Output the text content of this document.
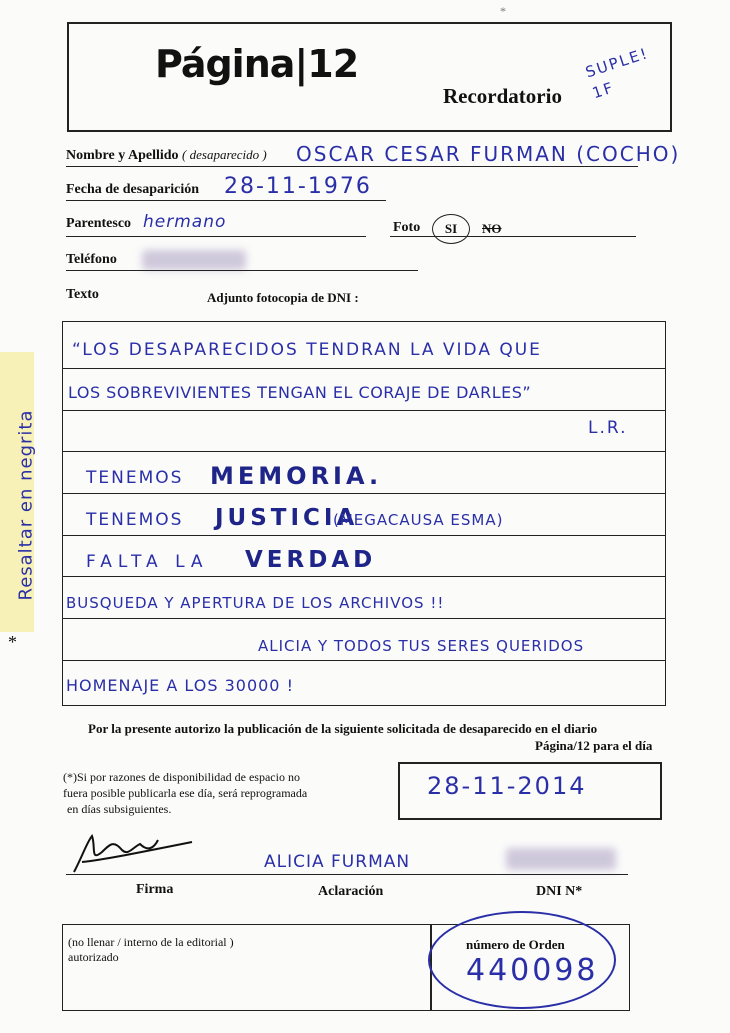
Página|12
Recordatorio
SUPLE! 1F
*
Nombre y Apellido ( desaparecido ) OSCAR CESAR FURMAN (COCHO)
Fecha de desaparición 28-11-1976
Parentesco hermano	Foto	SI	NO
Teléfono
Texto	Adjunto fotocopia de DNI :
“LOS DESAPARECIDOS TENDRAN LA VIDA QUE
LOS SOBREVIVIENTES TENGAN EL CORAJE DE DARLES”
L.R.
TENEMOS MEMORIA.
TENEMOS JUSTICIA
(MEGACAUSA ESMA)
FALTA LA VERDAD
BUSQUEDA Y APERTURA DE LOS ARCHIVOS !!
ALICIA Y TODOS TUS SERES QUERIDOS
HOMENAJE A LOS 30000 !
Resaltar en negrita
*
Por la presente autorizo la publicación de la siguiente solicitada de desaparecido en el diario
Página/12 para el día
(*)Si por razones de disponibilidad de espacio no
fuera posible publicarla ese día, será reprogramada
en días subsiguientes.
28-11-2014
ALICIA FURMAN
Firma	Aclaración	DNI N*
(no llenar / interno de la editorial )
autorizado
número de Orden
440098
